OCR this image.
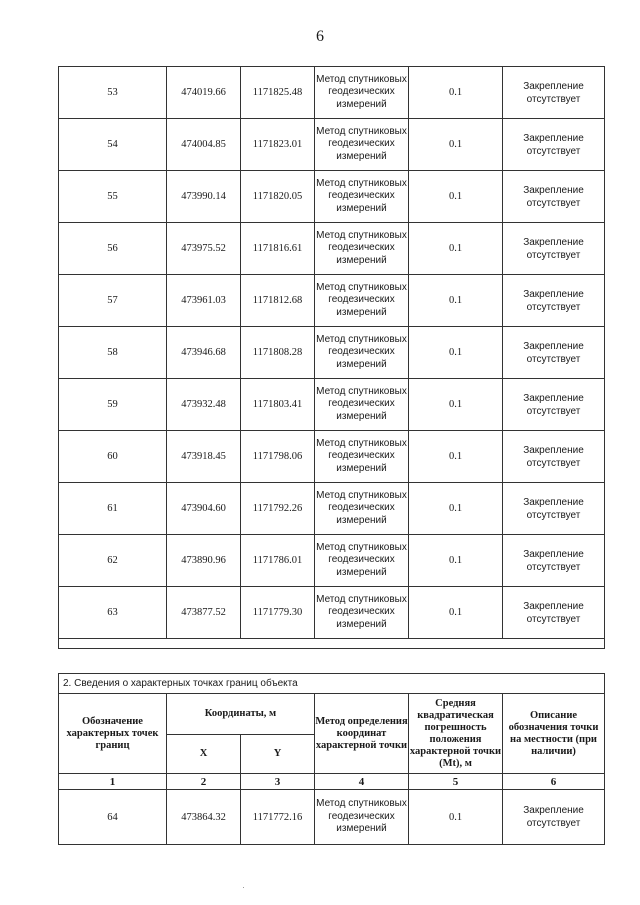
6
53	474019.66	1171825.48	Метод спутниковых геодезических измерений	0.1	Закрепление отсутствует
54	474004.85	1171823.01	Метод спутниковых геодезических измерений	0.1	Закрепление отсутствует
55	473990.14	1171820.05	Метод спутниковых геодезических измерений	0.1	Закрепление отсутствует
56	473975.52	1171816.61	Метод спутниковых геодезических измерений	0.1	Закрепление отсутствует
57	473961.03	1171812.68	Метод спутниковых геодезических измерений	0.1	Закрепление отсутствует
58	473946.68	1171808.28	Метод спутниковых геодезических измерений	0.1	Закрепление отсутствует
59	473932.48	1171803.41	Метод спутниковых геодезических измерений	0.1	Закрепление отсутствует
60	473918.45	1171798.06	Метод спутниковых геодезических измерений	0.1	Закрепление отсутствует
61	473904.60	1171792.26	Метод спутниковых геодезических измерений	0.1	Закрепление отсутствует
62	473890.96	1171786.01	Метод спутниковых геодезических измерений	0.1	Закрепление отсутствует
63	473877.52	1171779.30	Метод спутниковых геодезических измерений	0.1	Закрепление отсутствует

2. Сведения о характерных точках границ объекта					
Обозначение характерных точек границ	Координаты, м		Метод определения координат характерной точки	Средняя квадратическая погрешность положения характерной точки (Mt), м	Описание обозначения точки на местности (при наличии)
	X	Y			
1	2	3	4	5	6
64	473864.32	1171772.16	Метод спутниковых геодезических измерений	0.1	Закрепление отсутствует
